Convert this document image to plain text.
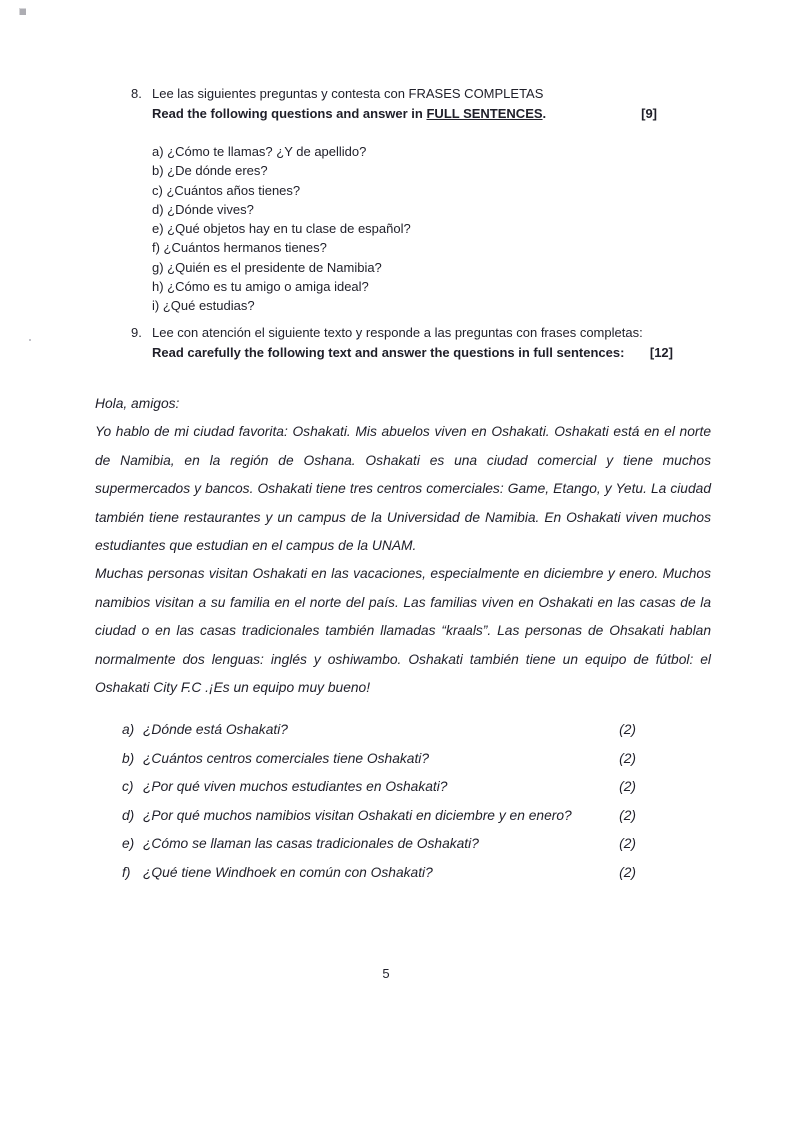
8. Lee las siguientes preguntas y contesta con FRASES COMPLETAS
Read the following questions and answer in FULL SENTENCES.	[9]
a) ¿Cómo te llamas? ¿Y de apellido?
b) ¿De dónde eres?
c) ¿Cuántos años tienes?
d) ¿Dónde vives?
e) ¿Qué objetos hay en tu clase de español?
f) ¿Cuántos hermanos tienes?
g) ¿Quién es el presidente de Namibia?
h) ¿Cómo es tu amigo o amiga ideal?
i) ¿Qué estudias?
9. Lee con atención el siguiente texto y responde a las preguntas con frases completas:
Read carefully the following text and answer the questions in full sentences: [12]

Hola, amigos:

Yo hablo de mi ciudad favorita: Oshakati. Mis abuelos viven en Oshakati. Oshakati está en el norte de Namibia, en la región de Oshana. Oshakati es una ciudad comercial y tiene muchos supermercados y bancos. Oshakati tiene tres centros comerciales: Game, Etango, y Yetu. La ciudad también tiene restaurantes y un campus de la Universidad de Namibia. En Oshakati viven muchos estudiantes que estudian en el campus de la UNAM.

Muchas personas visitan Oshakati en las vacaciones, especialmente en diciembre y enero. Muchos namibios visitan a su familia en el norte del país. Las familias viven en Oshakati en las casas de la ciudad o en las casas tradicionales también llamadas “kraals”. Las personas de Ohsakati hablan normalmente dos lenguas: inglés y oshiwambo. Oshakati también tiene un equipo de fútbol: el Oshakati City F.C .¡Es un equipo muy bueno!

a) ¿Dónde está Oshakati?	(2)
b) ¿Cuántos centros comerciales tiene Oshakati?	(2)
c) ¿Por qué viven muchos estudiantes en Oshakati?	(2)
d) ¿Por qué muchos namibios visitan Oshakati en diciembre y en enero?	(2)
e) ¿Cómo se llaman las casas tradicionales de Oshakati?	(2)
f) ¿Qué tiene Windhoek en común con Oshakati?	(2)
5
